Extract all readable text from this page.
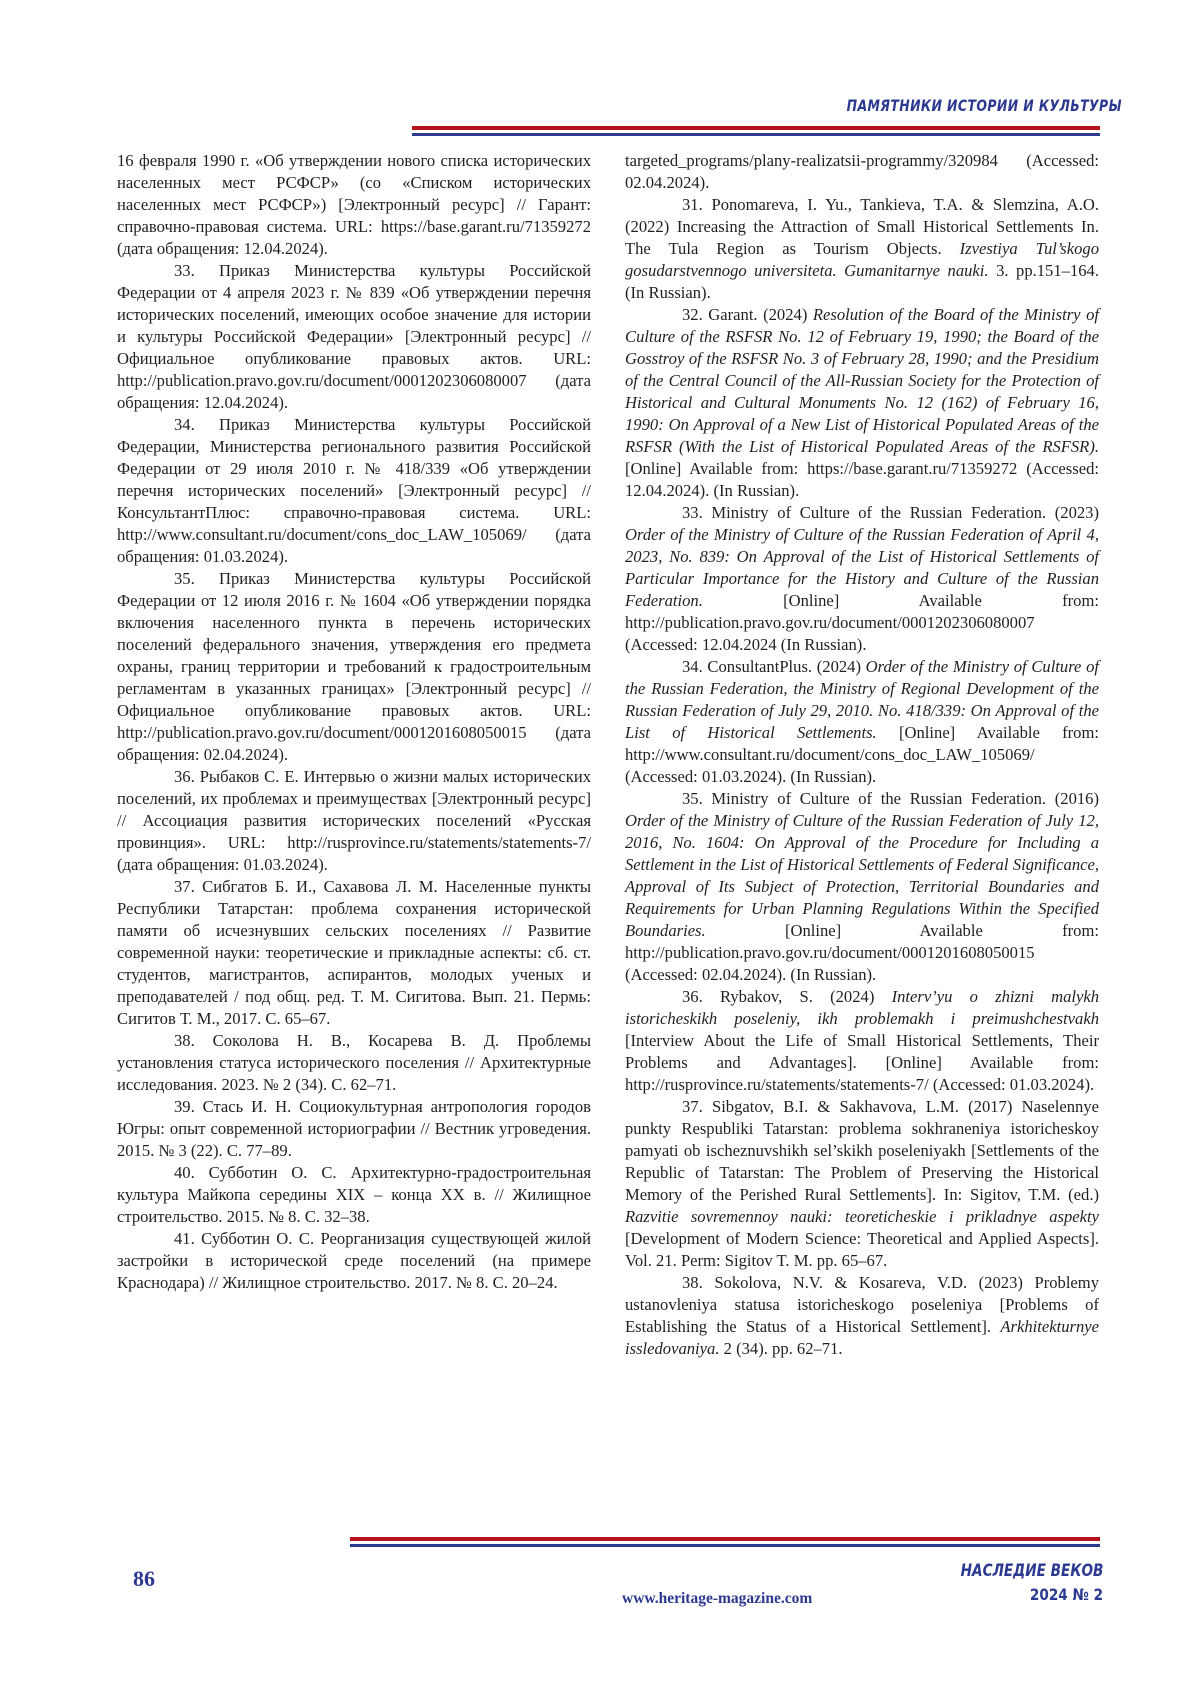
ПАМЯТНИКИ ИСТОРИИ И КУЛЬТУРЫ

16 февраля 1990 г. «Об утверждении нового списка исторических населенных мест РСФСР» (со «Списком исторических населенных мест РСФСР») [Электронный ресурс] // Гарант: справочно-правовая система. URL: https://base.garant.ru/71359272 (дата обращения: 12.04.2024).

33. Приказ Министерства культуры Российской Федерации от 4 апреля 2023 г. № 839 «Об утверждении перечня исторических поселений, имеющих особое значение для истории и культуры Российской Федерации» [Электронный ресурс] // Официальное опубликование правовых актов. URL: http://publication.pravo.gov.ru/document/0001202306080007 (дата обращения: 12.04.2024).

34. Приказ Министерства культуры Российской Федерации, Министерства регионального развития Российской Федерации от 29 июля 2010 г. № 418/339 «Об утверждении перечня исторических поселений» [Электронный ресурс] // КонсультантПлюс: справочно-правовая система. URL: http://www.consultant.ru/document/cons_doc_LAW_105069/ (дата обращения: 01.03.2024).

35. Приказ Министерства культуры Российской Федерации от 12 июля 2016 г. № 1604 «Об утверждении порядка включения населенного пункта в перечень исторических поселений федерального значения, утверждения его предмета охраны, границ территории и требований к градостроительным регламентам в указанных границах» [Электронный ресурс] // Официальное опубликование правовых актов. URL: http://publication.pravo.gov.ru/document/0001201608050015 (дата обращения: 02.04.2024).

36. Рыбаков С. Е. Интервью о жизни малых исторических поселений, их проблемах и преимуществах [Электронный ресурс] // Ассоциация развития исторических поселений «Русская провинция». URL: http://rusprovince.ru/statements/statements-7/ (дата обращения: 01.03.2024).

37. Сибгатов Б. И., Сахавова Л. М. Населенные пункты Республики Татарстан: проблема сохранения исторической памяти об исчезнувших сельских поселениях // Развитие современной науки: теоретические и прикладные аспекты: сб. ст. студентов, магистрантов, аспирантов, молодых ученых и преподавателей / под общ. ред. Т. М. Сигитова. Вып. 21. Пермь: Сигитов Т. М., 2017. С. 65–67.

38. Соколова Н. В., Косарева В. Д. Проблемы установления статуса исторического поселения // Архитектурные исследования. 2023. № 2 (34). С. 62–71.

39. Стась И. Н. Социокультурная антропология городов Югры: опыт современной историографии // Вестник угроведения. 2015. № 3 (22). С. 77–89.

40. Субботин О. С. Архитектурно-градостроительная культура Майкопа середины XIX – конца XX в. // Жилищное строительство. 2015. № 8. С. 32–38.

41. Субботин О. С. Реорганизация существующей жилой застройки в исторической среде поселений (на примере Краснодара) // Жилищное строительство. 2017. № 8. С. 20–24.

targeted_programs/plany-realizatsii-programmy/320984 (Accessed: 02.04.2024).

31. Ponomareva, I. Yu., Tankieva, T.A. & Slemzina, A.O. (2022) Increasing the Attraction of Small Historical Settlements In. The Tula Region as Tourism Objects. Izvestiya Tul’skogo gosudarstvennogo universiteta. Gumanitarnye nauki. 3. pp.151–164. (In Russian).

32. Garant. (2024) Resolution of the Board of the Ministry of Culture of the RSFSR No. 12 of February 19, 1990; the Board of the Gosstroy of the RSFSR No. 3 of February 28, 1990; and the Presidium of the Central Council of the All-Russian Society for the Protection of Historical and Cultural Monuments No. 12 (162) of February 16, 1990: On Approval of a New List of Historical Populated Areas of the RSFSR (With the List of Historical Populated Areas of the RSFSR). [Online] Available from: https://base.garant.ru/71359272 (Accessed: 12.04.2024). (In Russian).

33. Ministry of Culture of the Russian Federation. (2023) Order of the Ministry of Culture of the Russian Federation of April 4, 2023, No. 839: On Approval of the List of Historical Settlements of Particular Importance for the History and Culture of the Russian Federation. [Online] Available from: http://publication.pravo.gov.ru/document/0001202306080007 (Accessed: 12.04.2024 (In Russian).

34. ConsultantPlus. (2024) Order of the Ministry of Culture of the Russian Federation, the Ministry of Regional Development of the Russian Federation of July 29, 2010. No. 418/339: On Approval of the List of Historical Settlements. [Online] Available from: http://www.consultant.ru/document/cons_doc_LAW_105069/ (Accessed: 01.03.2024). (In Russian).

35. Ministry of Culture of the Russian Federation. (2016) Order of the Ministry of Culture of the Russian Federation of July 12, 2016, No. 1604: On Approval of the Procedure for Including a Settlement in the List of Historical Settlements of Federal Significance, Approval of Its Subject of Protection, Territorial Boundaries and Requirements for Urban Planning Regulations Within the Specified Boundaries. [Online] Available from: http://publication.pravo.gov.ru/document/0001201608050015 (Accessed: 02.04.2024). (In Russian).

36. Rybakov, S. (2024) Interv’yu o zhizni malykh istoricheskikh poseleniy, ikh problemakh i preimushchestvakh [Interview About the Life of Small Historical Settlements, Their Problems and Advantages]. [Online] Available from: http://rusprovince.ru/statements/statements-7/ (Accessed: 01.03.2024).

37. Sibgatov, B.I. & Sakhavova, L.M. (2017) Naselennye punkty Respubliki Tatarstan: problema sokhraneniya istoricheskoy pamyati ob ischeznuvshikh sel’skikh poseleniyakh [Settlements of the Republic of Tatarstan: The Problem of Preserving the Historical Memory of the Perished Rural Settlements]. In: Sigitov, T.M. (ed.) Razvitie sovremennoy nauki: teoreticheskie i prikladnye aspekty [Development of Modern Science: Theoretical and Applied Aspects]. Vol. 21. Perm: Sigitov T. M. pp. 65–67.

38. Sokolova, N.V. & Kosareva, V.D. (2023) Problemy ustanovleniya statusa istoricheskogo poseleniya [Problems of Establishing the Status of a Historical Settlement]. Arkhitekturnye issledovaniya. 2 (34). pp. 62–71.

86
www.heritage-magazine.com
НАСЛЕДИЕ ВЕКОВ
2024 № 2
